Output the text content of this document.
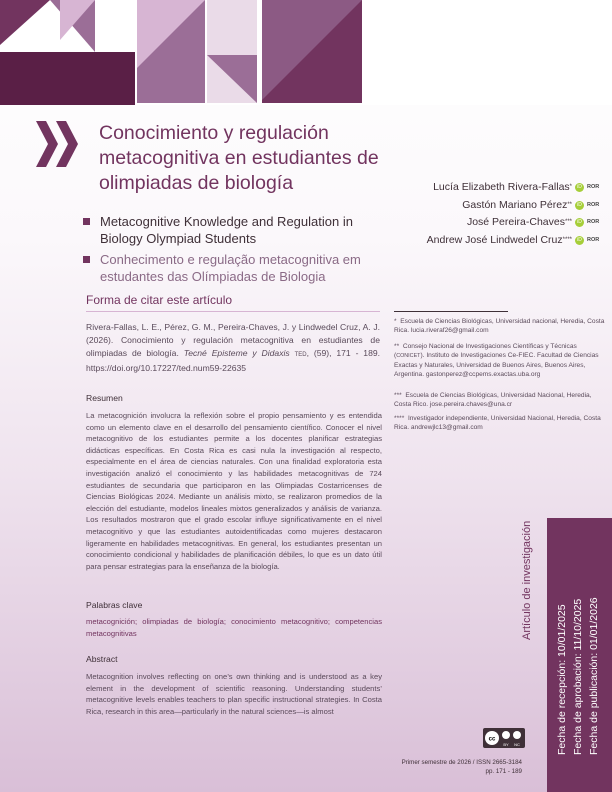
Conocimiento y regulación metacognitiva en estudiantes de olimpiadas de biología
Metacognitive Knowledge and Regulation in Biology Olympiad Students
Conhecimento e regulação metacognitiva em estudantes das Olímpiadas de Biologia
Lucía Elizabeth Rivera-Fallas *	iD ROR
Gastón Mariano Pérez **	iD ROR
José Pereira-Chaves ***	iD ROR
Andrew José Lindwedel Cruz ****	iD ROR
Forma de citar este artículo
Rivera-Fallas, L. E., Pérez, G. M., Pereira-Chaves, J. y Lindwedel Cruz, A. J. (2026). Conocimiento y regulación metacognitiva en estudiantes de olimpiadas de biología. Tecné Episteme y Didaxis TED, (59), 171 - 189. https://doi.org/10.17227/ted.num59-22635
Resumen
La metacognición involucra la reflexión sobre el propio pensamiento y es entendida como un elemento clave en el desarrollo del pensamiento científico. Conocer el nivel metacognitivo de los estudiantes permite a los docentes planificar estrategias didácticas específicas. En Costa Rica es casi nula la investigación al respecto, especialmente en el área de ciencias naturales. Con una finalidad exploratoria esta investigación analizó el conocimiento y las habilidades metacognitivas de 724 estudiantes de secundaria que participaron en las Olimpiadas Costarricenses de Ciencias Biológicas 2024. Mediante un análisis mixto, se realizaron promedios de la elección del estudiante, modelos lineales mixtos generalizados y análisis de varianza. Los resultados mostraron que el grado escolar influye significativamente en el nivel metacognitivo y que las estudiantes autoidentificadas como mujeres destacaron ligeramente en habilidades metacognitivas. En general, los estudiantes presentan un conocimiento condicional y habilidades de planificación débiles, lo que es un dato útil para pensar estrategias para la enseñanza de la biología.
Palabras clave
metacognición; olimpiadas de biología; conocimiento metacognitivo; competencias metacognitivas
Abstract
Metacognition involves reflecting on one’s own thinking and is understood as a key element in the development of scientific reasoning. Understanding students’ metacognitive levels enables teachers to plan specific instructional strategies. In Costa Rica, research in this area—particularly in the natural sciences—is almost
* Escuela de Ciencias Biológicas, Universidad nacional, Heredia, Costa Rica. lucia.riveraf26@gmail.com
** Consejo Nacional de Investigaciones Científicas y Técnicas (CONICET). Instituto de Investigaciones Ce-FIEC. Facultad de Ciencias Exactas y Naturales, Universidad de Buenos Aires, Buenos Aires, Argentina. gastonperez@ccpems.exactas.uba.org
*** Escuela de Ciencias Biológicas, Universidad Nacional, Heredia, Costa Rico. jose.pereira.chaves@una.cr
**** Investigador independiente, Universidad Nacional, Heredia, Costa Rica. andrewjlc13@gmail.com
Artículo de investigación
Fecha de recepción: 10/01/2025 Fecha de aprobación: 11/10/2025 Fecha de publicación: 01/01/2026
cc
BY NC
Primer semestre de 2026 / ISSN 2665-3184
pp. 171 - 189
